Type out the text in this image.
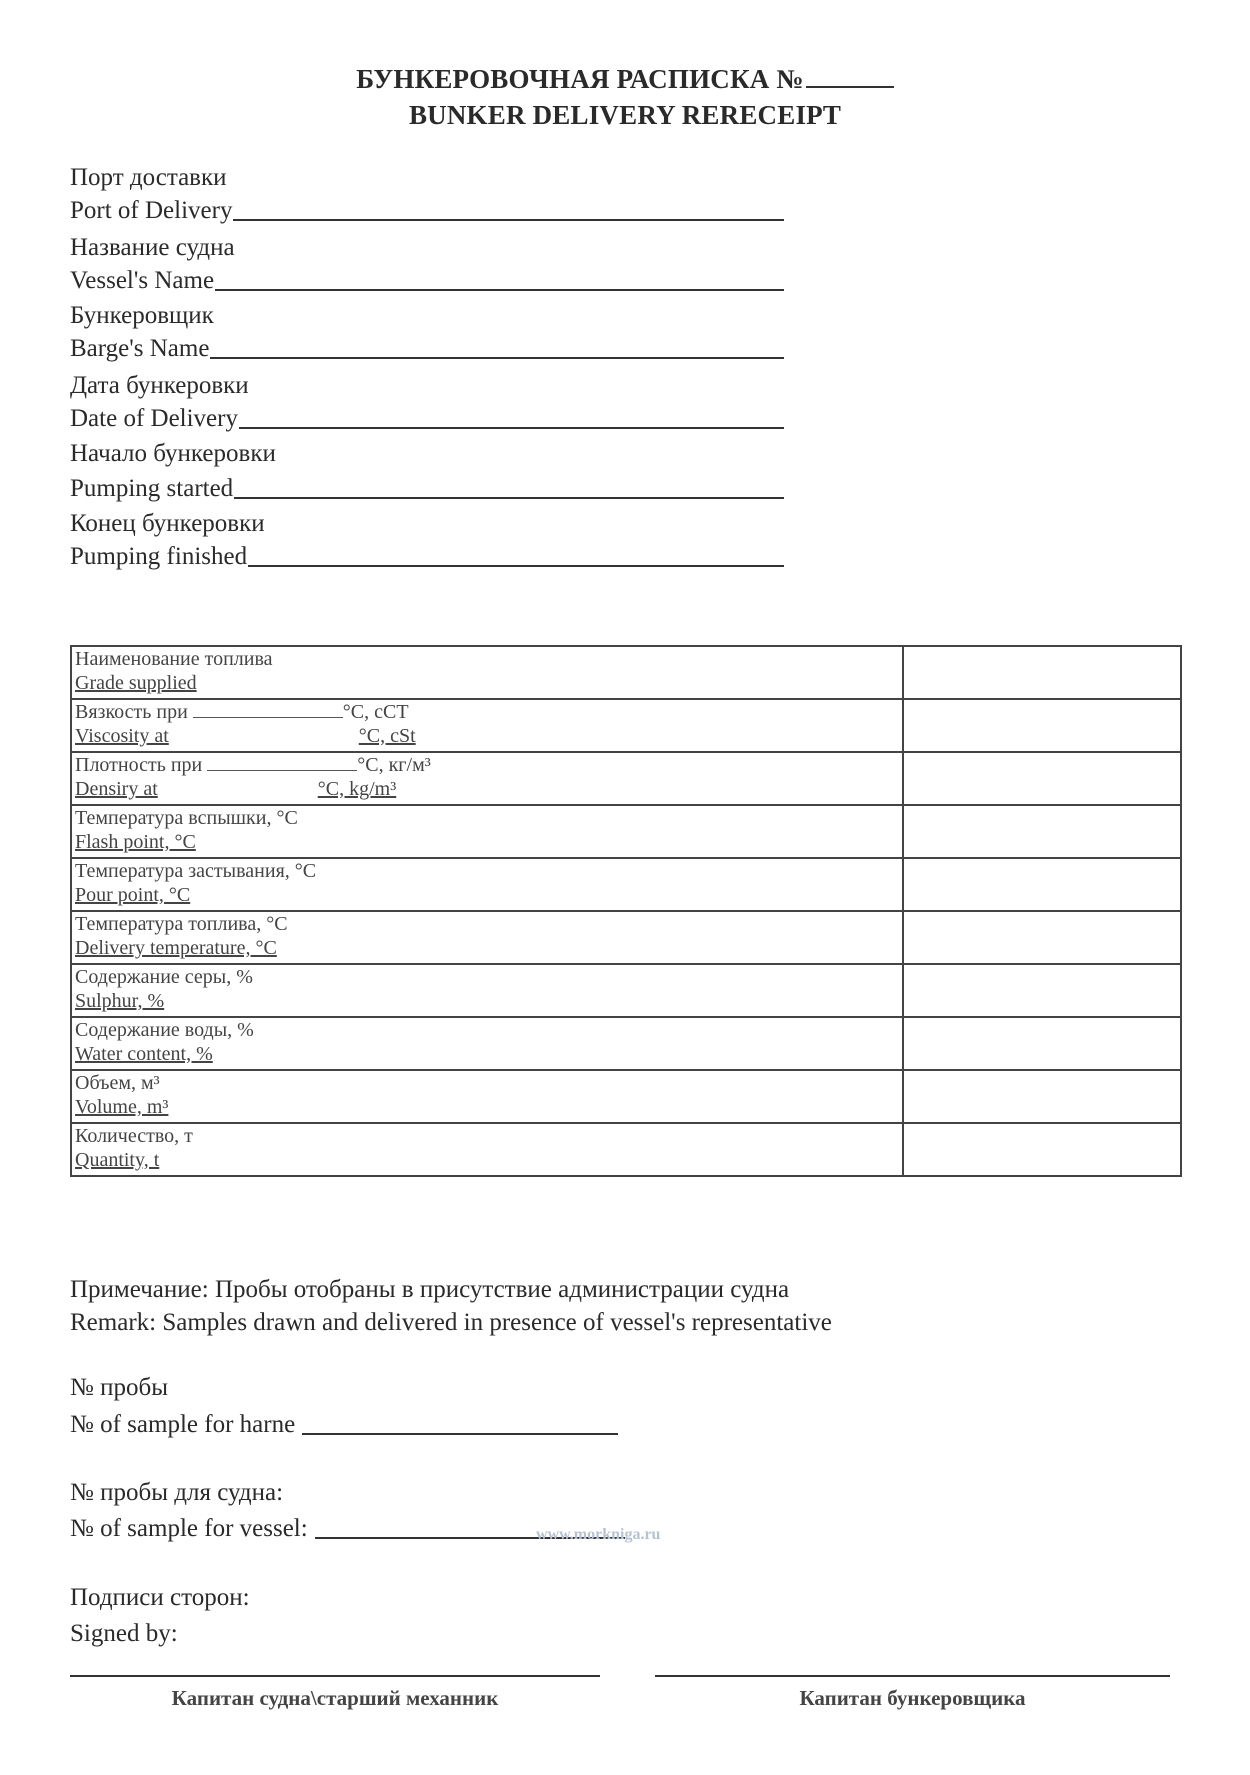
БУНКЕРОВОЧНАЯ РАСПИСКА №
BUNKER DELIVERY RERECEIPT
Порт доставки
Port of Delivery
Название судна
Vessel's Name
Бункеровщик
Barge's Name
Дата бункеровки
Date of Delivery
Начало бункеровки
Pumping started
Конец бункеровки
Pumping finished
Наименование топлива
Grade supplied	

Вязкость при °C, сСТ
Viscosity at °C, cSt	

Плотность при °C, кг/м³
Densiry at °C, kg/m³	

Температура вспышки, °C
Flash point, °C	

Температура застывания, °C
Pour point, °C	

Температура топлива, °C
Delivery temperature, °C	

Содержание серы, %
Sulphur, %	

Содержание воды, %
Water content, %	

Объем, м³
Volume, m³	

Количество, т
Quantity, t	

Примечание: Пробы отобраны в присутствие администрации судна
Remark: Samples drawn and delivered in presence of vessel's representative
№ пробы
№ of sample for harne
№ пробы для судна:
№ of sample for vessel:	www.morkniga.ru
Подписи сторон:
Signed by:
Капитан судна\старший механник	Капитан бункеровщика
